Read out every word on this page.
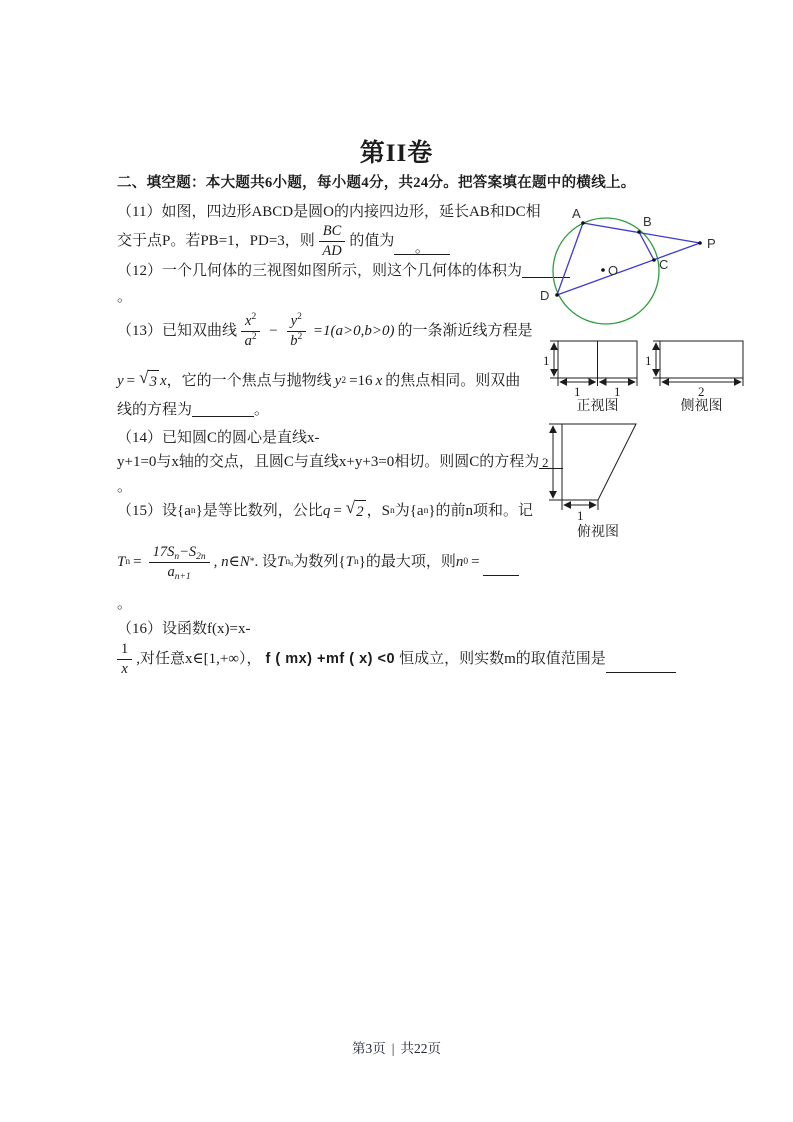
第II卷
二、填空题：本大题共6小题，每小题4分，共24分。把答案填在题中的横线上。
（11）如图，四边形ABCD是圆O的内接四边形，延长AB和DC相
交于点P。若PB=1，PD=3，则 $\frac{BC}{AD}$ 的值为	。
（12）一个几何体的三视图如图所示，则这个几何体的体积为
。
（13）已知双曲线 $\frac{x^2}{a^2} - \frac{y^2}{b^2} =1(a>0,b>0)$ 的一条渐近线方程是
y = √ 3 x ，它的一个焦点与抛物线 y 2 =16 x 的焦点相同。则双曲
线的方程为	。
（14）已知圆C的圆心是直线x-
y+1=0与x轴的交点，且圆C与直线x+y+3=0相切。则圆C的方程为
。
（15）设{a n }是等比数列，公比 q = √ 2 ，S n 为{a n }的前n项和。记
T $n = \frac{17S_n-S_{2n}}{a_{n+1}}$ , n∈N * . 设 T n₀ 为数列{ T n }的最大项，则 n 0 =
。
（16）设函数f(x)=x-
$\frac{1}{x}$ ,对任意x∈[1,+∞）， f ( mx) +mf ( x) <0 恒成立，则实数m的取值范围是
A
B
P
C
D
O
1
1	1
正视图
1
2
侧视图
2
1
俯视图
第3页 | 共22页
